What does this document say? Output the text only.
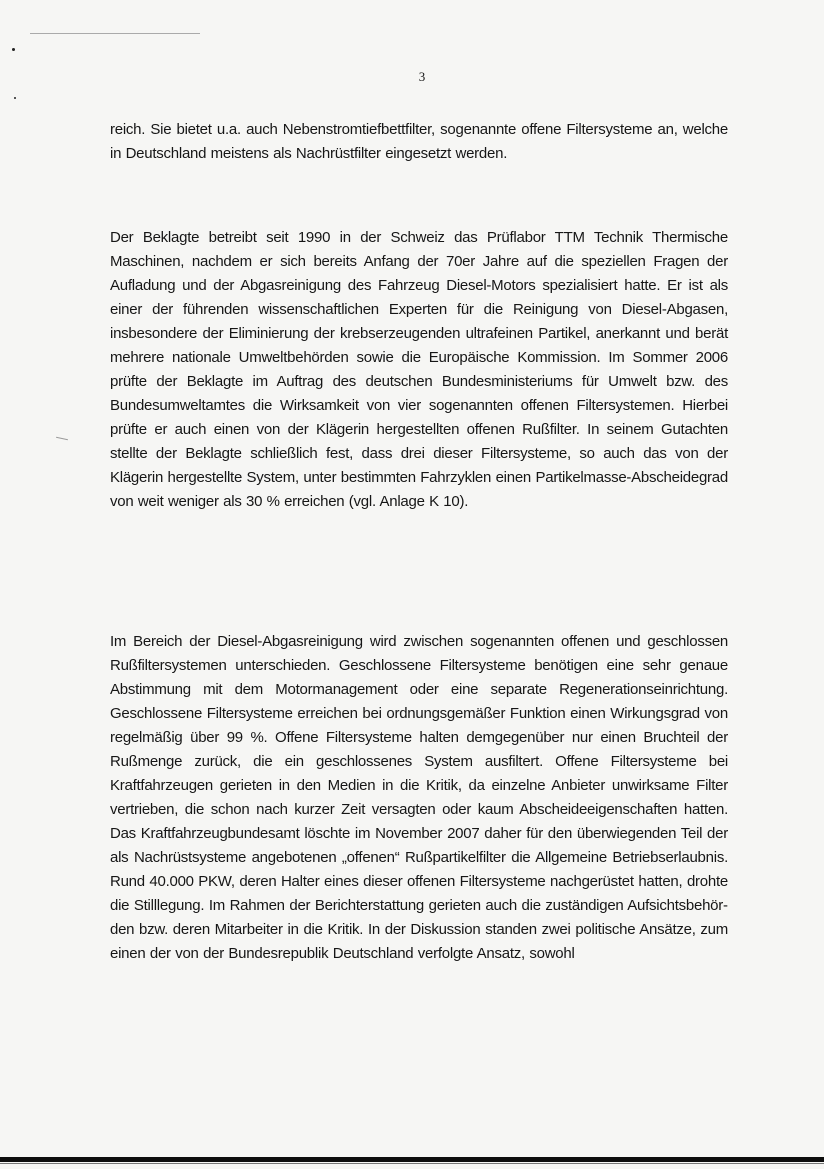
3

reich. Sie bietet u.a. auch Nebenstromtiefbettfilter, sogenannte offene Filtersysteme an, welche in Deutschland meistens als Nachrüstfilter eingesetzt werden.

Der Beklagte betreibt seit 1990 in der Schweiz das Prüflabor TTM Technik Thermische Maschinen, nachdem er sich bereits Anfang der 70er Jahre auf die speziellen Fragen der Aufladung und der Abgasreinigung des Fahrzeug Diesel-Motors spezialisiert hatte. Er ist als einer der führenden wissenschaftlichen Experten für die Reinigung von Diesel-Abgasen, insbesondere der Eliminierung der krebserzeugenden ultrafeinen Partikel, anerkannt und berät mehrere nationale Umweltbehörden sowie die Europäische Kommission. Im Sommer 2006 prüfte der Beklagte im Auftrag des deutschen Bundesministeriums für Umwelt bzw. des Bundesumweltamtes die Wirksamkeit von vier sogenannten offenen Filtersystemen. Hierbei prüfte er auch einen von der Klägerin hergestellten offenen Rußfilter. In seinem Gutachten stellte der Beklagte schließlich fest, dass drei dieser Filtersysteme, so auch das von der Klägerin hergestellte System, unter bestimmten Fahrzyklen einen Partikelmasse-Abscheidegrad von weit weniger als 30 % erreichen (vgl. Anlage K 10).

Im Bereich der Diesel-Abgasreinigung wird zwischen sogenannten offenen und geschlossen Rußfiltersystemen unterschieden. Geschlossene Filtersysteme benötigen eine sehr genaue Abstimmung mit dem Motormanagement oder eine separate Regenerationseinrichtung. Geschlossene Filtersysteme erreichen bei ordnungsgemäßer Funktion einen Wirkungsgrad von regelmäßig über 99 %. Offene Filtersysteme halten demgegenüber nur einen Bruchteil der Rußmenge zurück, die ein geschlossenes System ausfiltert. Offene Filtersysteme bei Kraftfahrzeugen gerieten in den Medien in die Kritik, da einzelne Anbieter unwirksame Filter vertrieben, die schon nach kurzer Zeit versagten oder kaum Abscheideeigenschaften hatten. Das Kraftfahrzeugbundesamt löschte im November 2007 daher für den überwiegenden Teil der als Nachrüstsysteme angebotenen „offenen“ Rußpartikelfilter die Allgemeine Betriebserlaubnis. Rund 40.000 PKW, deren Halter eines dieser offenen Filtersysteme nachgerüstet hatten, drohte die Stilllegung. Im Rahmen der Berichterstattung gerieten auch die zuständigen Aufsichtsbehörden bzw. deren Mitarbeiter in die Kritik. In der Diskussion standen zwei politische Ansätze, zum einen der von der Bundesrepublik Deutschland verfolgte Ansatz, sowohl
